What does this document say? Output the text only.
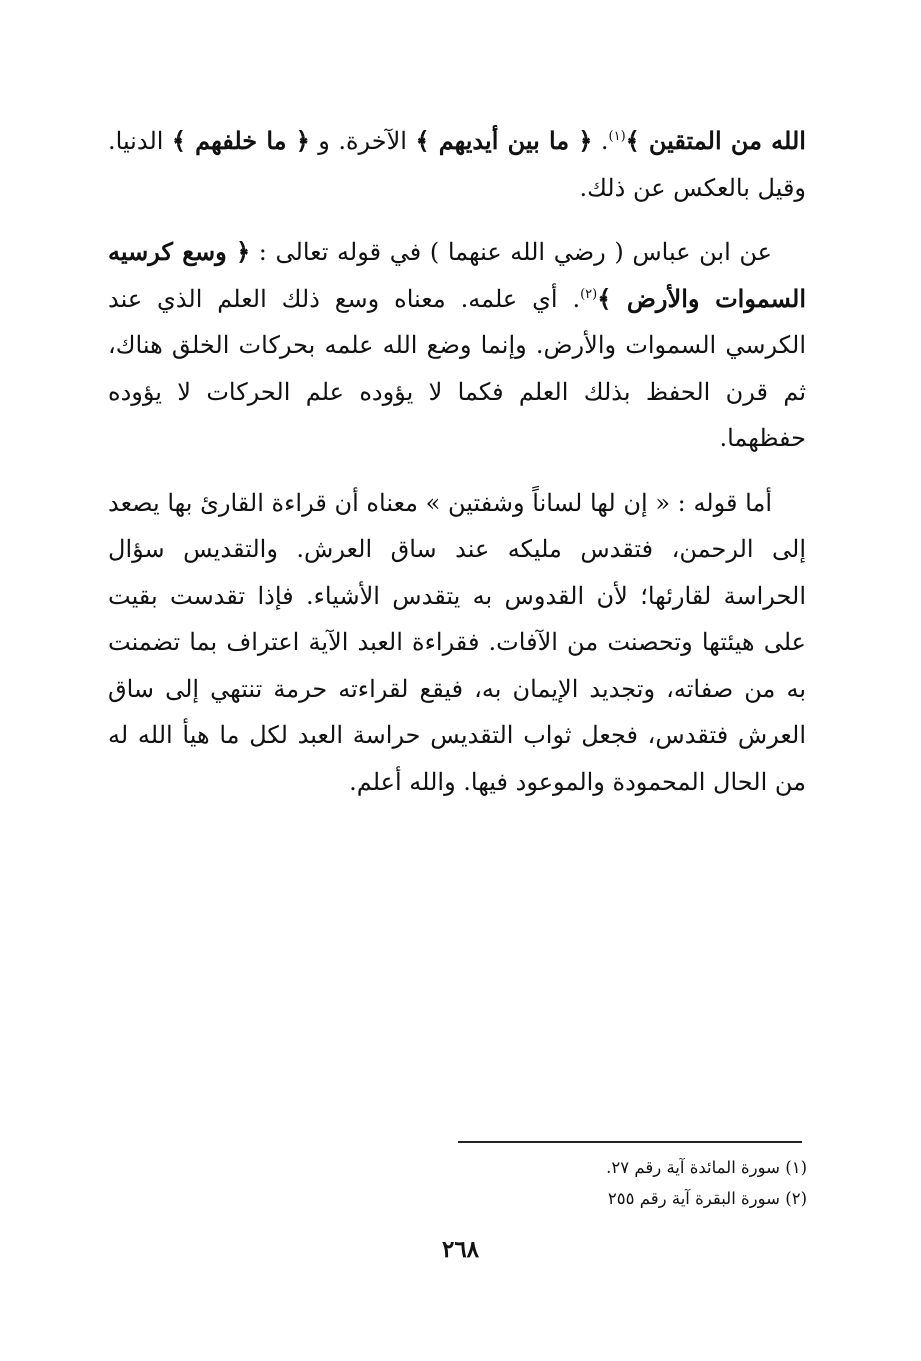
الله من المتقين ﴾$^{(١)}$. ﴿ ما بين أيديهم ﴾ الآخرة. و ﴿ ما خلفهم ﴾ الدنيا. وقيل بالعكس عن ذلك.

عن ابن عباس ( رضي الله عنهما ) في قوله تعالى : ﴿ وسع كرسيه السموات والأرض ﴾$^{(٢)}$. أي علمه. معناه وسع ذلك العلم الذي عند الكرسي السموات والأرض. وإنما وضع الله علمه بحركات الخلق هناك، ثم قرن الحفظ بذلك العلم فكما لا يؤوده علم الحركات لا يؤوده حفظهما.

أما قوله : « إن لها لساناً وشفتين » معناه أن قراءة القارئ بها يصعد إلى الرحمن، فتقدس مليكه عند ساق العرش. والتقديس سؤال الحراسة لقارئها؛ لأن القدوس به يتقدس الأشياء. فإذا تقدست بقيت على هيئتها وتحصنت من الآفات. فقراءة العبد الآية اعتراف بما تضمنت به من صفاته، وتجديد الإيمان به، فيقع لقراءته حرمة تنتهي إلى ساق العرش فتقدس، فجعل ثواب التقديس حراسة العبد لكل ما هيأ الله له من الحال المحمودة والموعود فيها. والله أعلم.

(١) سورة المائدة آية رقم ٢٧.
(٢) سورة البقرة آية رقم ٢٥٥
٢٦٨
